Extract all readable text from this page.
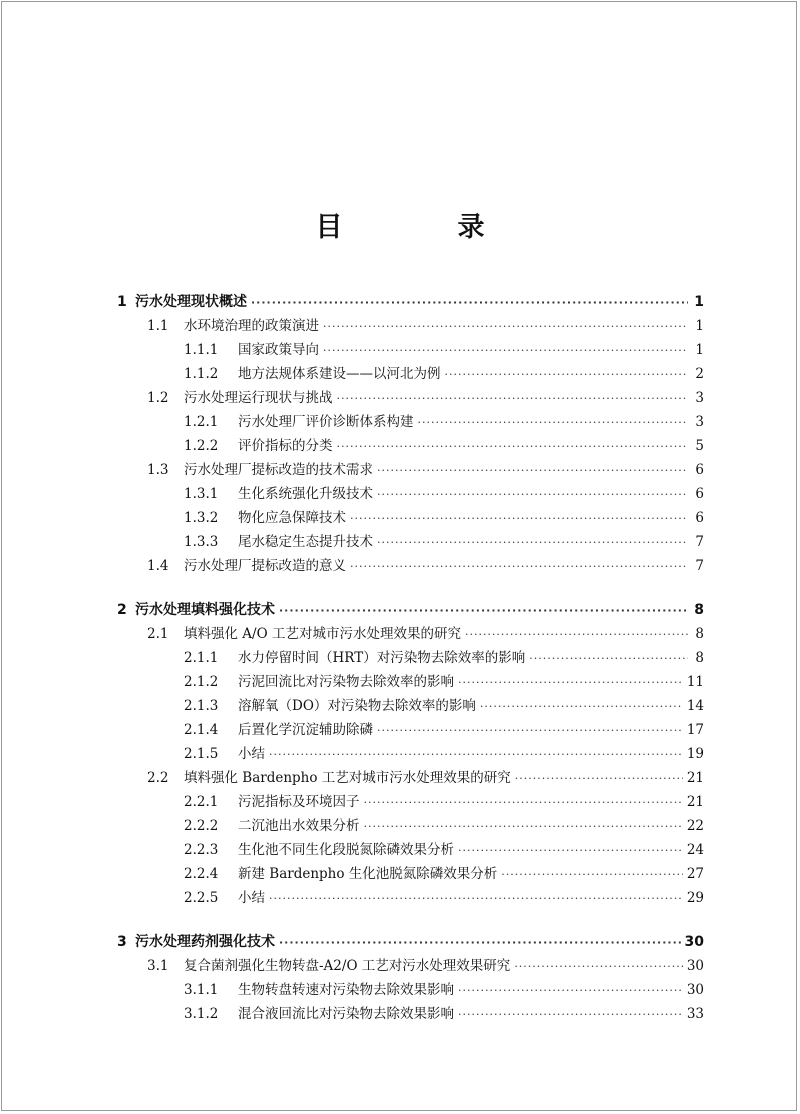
目　录
1 污水处理现状概述 ·····	1
1.1	水环境治理的政策演进 ·····	1
1.1.1	国家政策导向 ·····	1
1.1.2	地方法规体系建设——以河北为例 ·····	2
1.2	污水处理运行现状与挑战 ·····	3
1.2.1	污水处理厂评价诊断体系构建 ·····	3
1.2.2	评价指标的分类 ·····	5
1.3	污水处理厂提标改造的技术需求 ·····	6
1.3.1	生化系统强化升级技术 ·····	6
1.3.2	物化应急保障技术 ·····	6
1.3.3	尾水稳定生态提升技术 ·····	7
1.4	污水处理厂提标改造的意义 ·····	7
2 污水处理填料强化技术 ·····	8
2.1	填料强化 A/O 工艺对城市污水处理效果的研究 ·····	8
2.1.1	水力停留时间（HRT）对污染物去除效率的影响 ·····	8
2.1.2	污泥回流比对污染物去除效率的影响 ·····	11
2.1.3	溶解氧（DO）对污染物去除效率的影响 ·····	14
2.1.4	后置化学沉淀辅助除磷 ·····	17
2.1.5	小结 ·····	19
2.2	填料强化 Bardenpho 工艺对城市污水处理效果的研究 ·····	21
2.2.1	污泥指标及环境因子 ·····	21
2.2.2	二沉池出水效果分析 ·····	22
2.2.3	生化池不同生化段脱氮除磷效果分析 ·····	24
2.2.4	新建 Bardenpho 生化池脱氮除磷效果分析 ·····	27
2.2.5	小结 ·····	29
3 污水处理药剂强化技术 ·····	30
3.1	复合菌剂强化生物转盘-A2/O 工艺对污水处理效果研究 ·····	30
3.1.1	生物转盘转速对污染物去除效果影响 ·····	30
3.1.2	混合液回流比对污染物去除效果影响 ·····	33
